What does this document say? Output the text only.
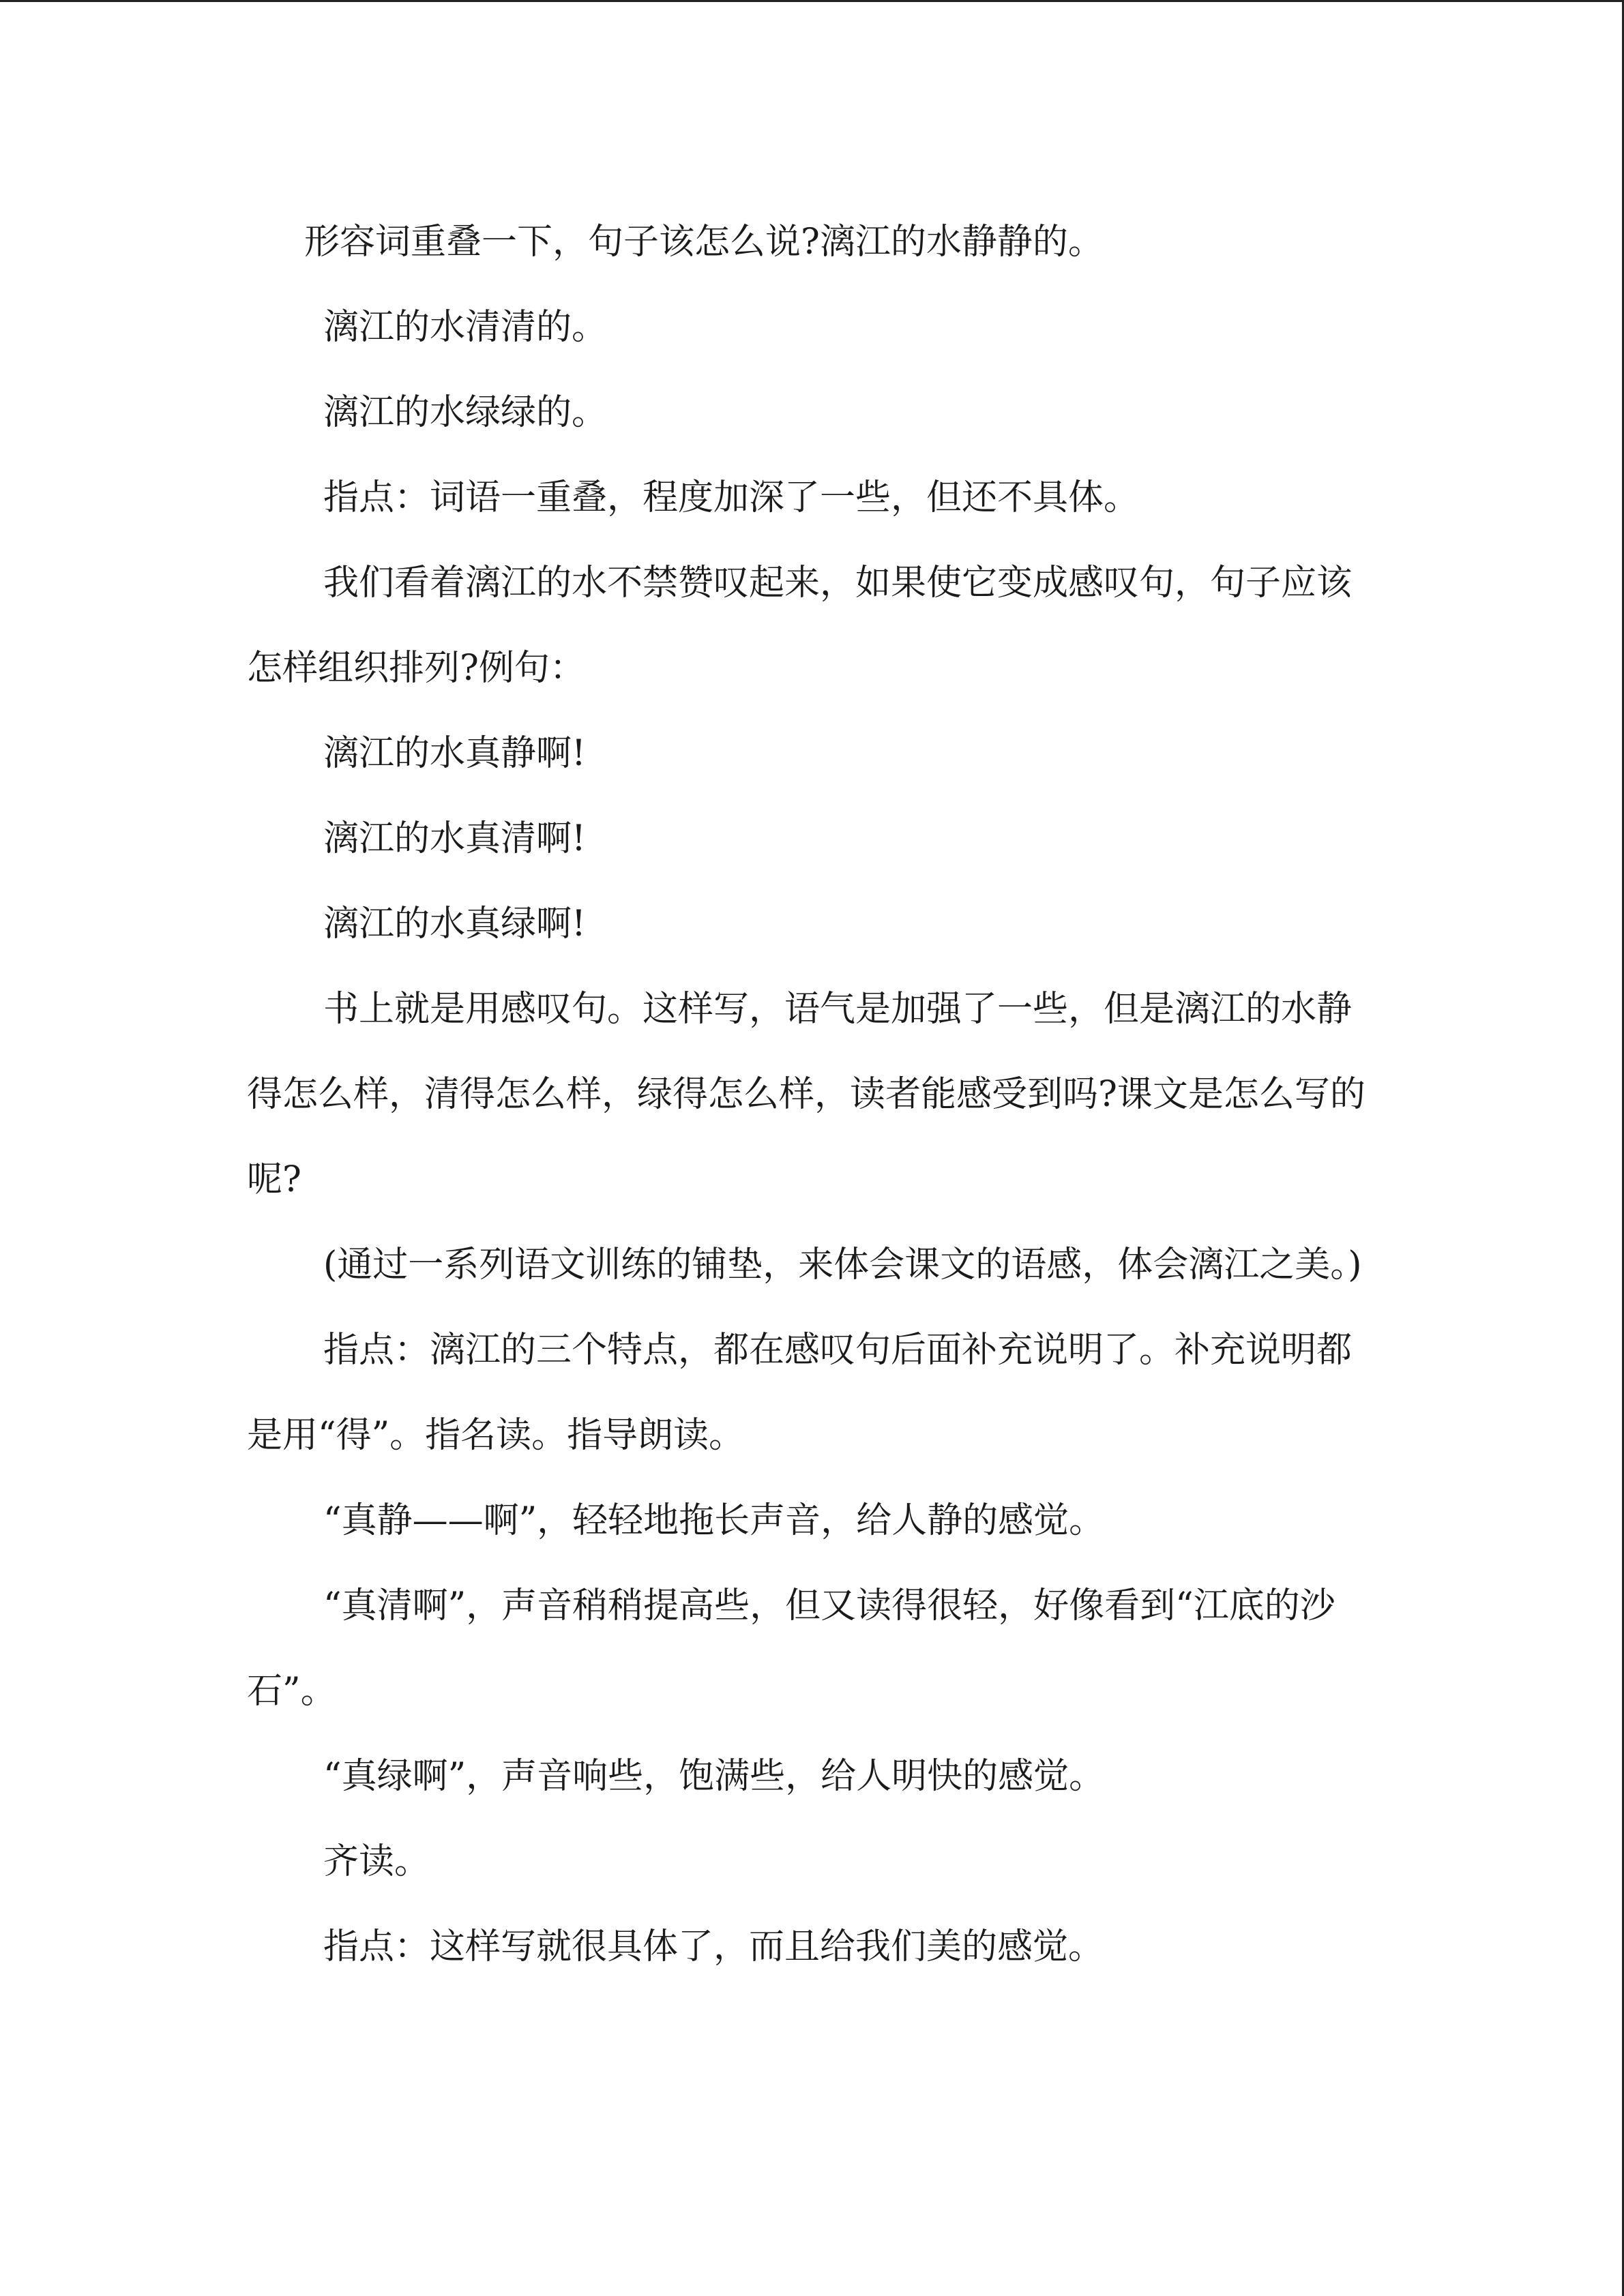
形容词重叠一下，句子该怎么说?漓江的水静静的。

漓江的水清清的。

漓江的水绿绿的。

指点：词语一重叠，程度加深了一些，但还不具体。

我们看着漓江的水不禁赞叹起来，如果使它变成感叹句，句子应该怎样组织排列?例句：

漓江的水真静啊!

漓江的水真清啊!

漓江的水真绿啊!

书上就是用感叹句。这样写，语气是加强了一些，但是漓江的水静得怎么样，清得怎么样，绿得怎么样，读者能感受到吗?课文是怎么写的呢?

(通过一系列语文训练的铺垫，来体会课文的语感，体会漓江之美。)

指点：漓江的三个特点，都在感叹句后面补充说明了。补充说明都是用“得”。指名读。指导朗读。

“真静——啊”，轻轻地拖长声音，给人静的感觉。

“真清啊”，声音稍稍提高些，但又读得很轻，好像看到“江底的沙石”。

“真绿啊”，声音响些，饱满些，给人明快的感觉。

齐读。

指点：这样写就很具体了，而且给我们美的感觉。
